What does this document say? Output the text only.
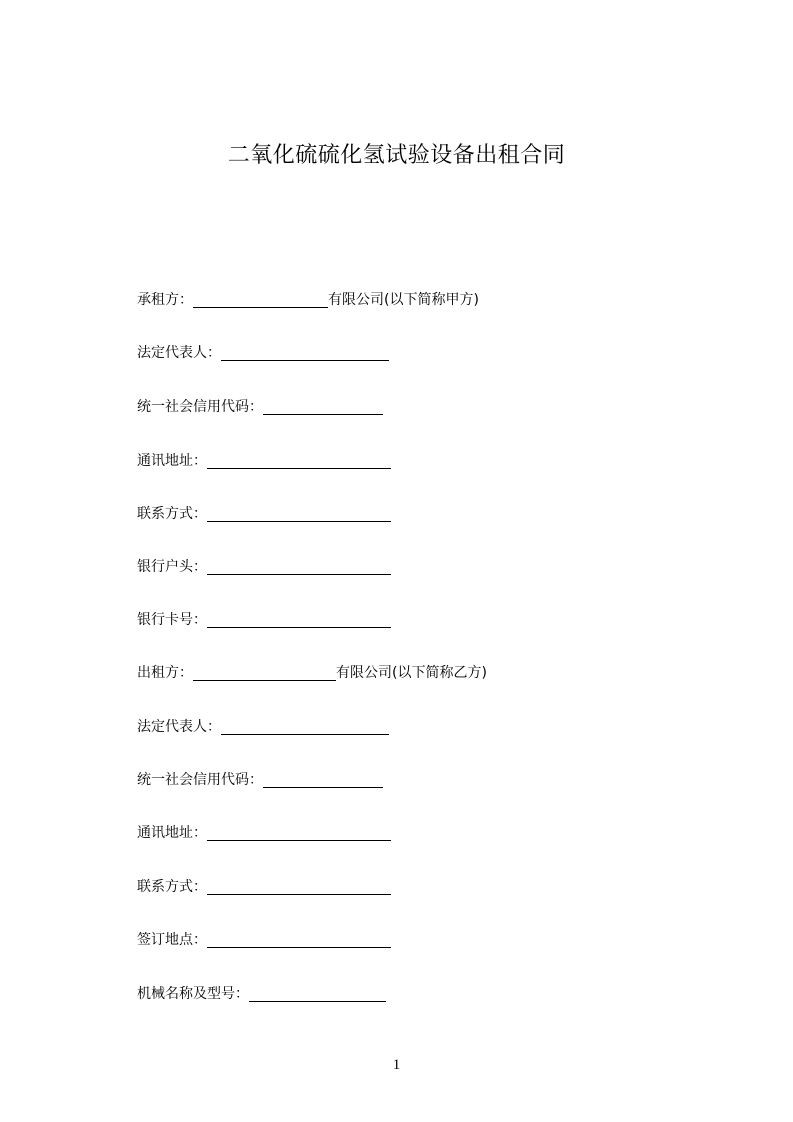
二氧化硫硫化氢试验设备出租合同
承租方：	有限公司(以下简称甲方)
法定代表人：
统一社会信用代码：
通讯地址：
联系方式：
银行户头：
银行卡号：
出租方：	有限公司(以下简称乙方)
法定代表人：
统一社会信用代码：
通讯地址：
联系方式：
签订地点：
机械名称及型号：
1
